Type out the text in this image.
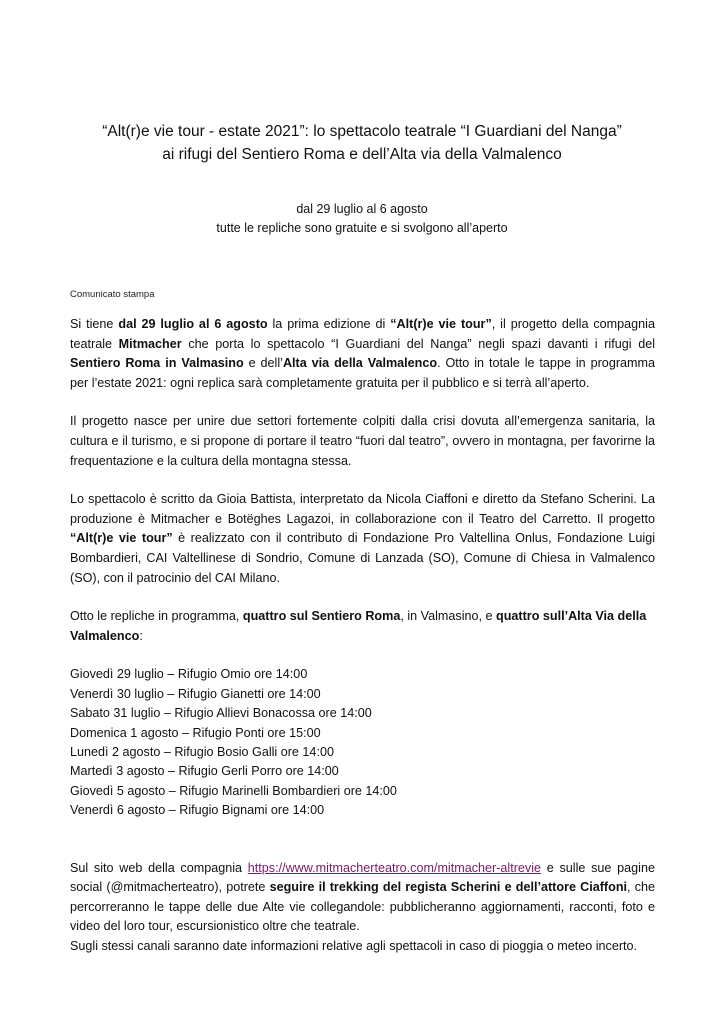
“Alt(r)e vie tour - estate 2021”: lo spettacolo teatrale “I Guardiani del Nanga”
ai rifugi del Sentiero Roma e dell’Alta via della Valmalenco
dal 29 luglio al 6 agosto
tutte le repliche sono gratuite e si svolgono all’aperto
Comunicato stampa

Si tiene dal 29 luglio al 6 agosto la prima edizione di “Alt(r)e vie tour”, il progetto della compagnia teatrale Mitmacher che porta lo spettacolo “I Guardiani del Nanga” negli spazi davanti i rifugi del Sentiero Roma in Valmasino e dell’Alta via della Valmalenco. Otto in totale le tappe in programma per l’estate 2021: ogni replica sarà completamente gratuita per il pubblico e si terrà all’aperto.

Il progetto nasce per unire due settori fortemente colpiti dalla crisi dovuta all’emergenza sanitaria, la cultura e il turismo, e si propone di portare il teatro “fuori dal teatro”, ovvero in montagna, per favorirne la frequentazione e la cultura della montagna stessa.

Lo spettacolo è scritto da Gioia Battista, interpretato da Nicola Ciaffoni e diretto da Stefano Scherini. La produzione è Mitmacher e Botëghes Lagazoi, in collaborazione con il Teatro del Carretto. Il progetto “Alt(r)e vie tour” è realizzato con il contributo di Fondazione Pro Valtellina Onlus, Fondazione Luigi Bombardieri, CAI Valtellinese di Sondrio, Comune di Lanzada (SO), Comune di Chiesa in Valmalenco (SO), con il patrocinio del CAI Milano.

Otto le repliche in programma, quattro sul Sentiero Roma, in Valmasino, e quattro sull’Alta Via della Valmalenco:

Giovedì 29 luglio – Rifugio Omio ore 14:00
Venerdì 30 luglio – Rifugio Gianetti ore 14:00
Sabato 31 luglio – Rifugio Allievi Bonacossa ore 14:00
Domenica 1 agosto – Rifugio Ponti ore 15:00
Lunedì 2 agosto – Rifugio Bosio Galli ore 14:00
Martedì 3 agosto – Rifugio Gerli Porro ore 14:00
Giovedì 5 agosto – Rifugio Marinelli Bombardieri ore 14:00
Venerdì 6 agosto – Rifugio Bignami ore 14:00

Sul sito web della compagnia https://www.mitmacherteatro.com/mitmacher-altrevie e sulle sue pagine social (@mitmacherteatro), potrete seguire il trekking del regista Scherini e dell’attore Ciaffoni, che percorreranno le tappe delle due Alte vie collegandole: pubblicheranno aggiornamenti, racconti, foto e video del loro tour, escursionistico oltre che teatrale.

Sugli stessi canali saranno date informazioni relative agli spettacoli in caso di pioggia o meteo incerto.
